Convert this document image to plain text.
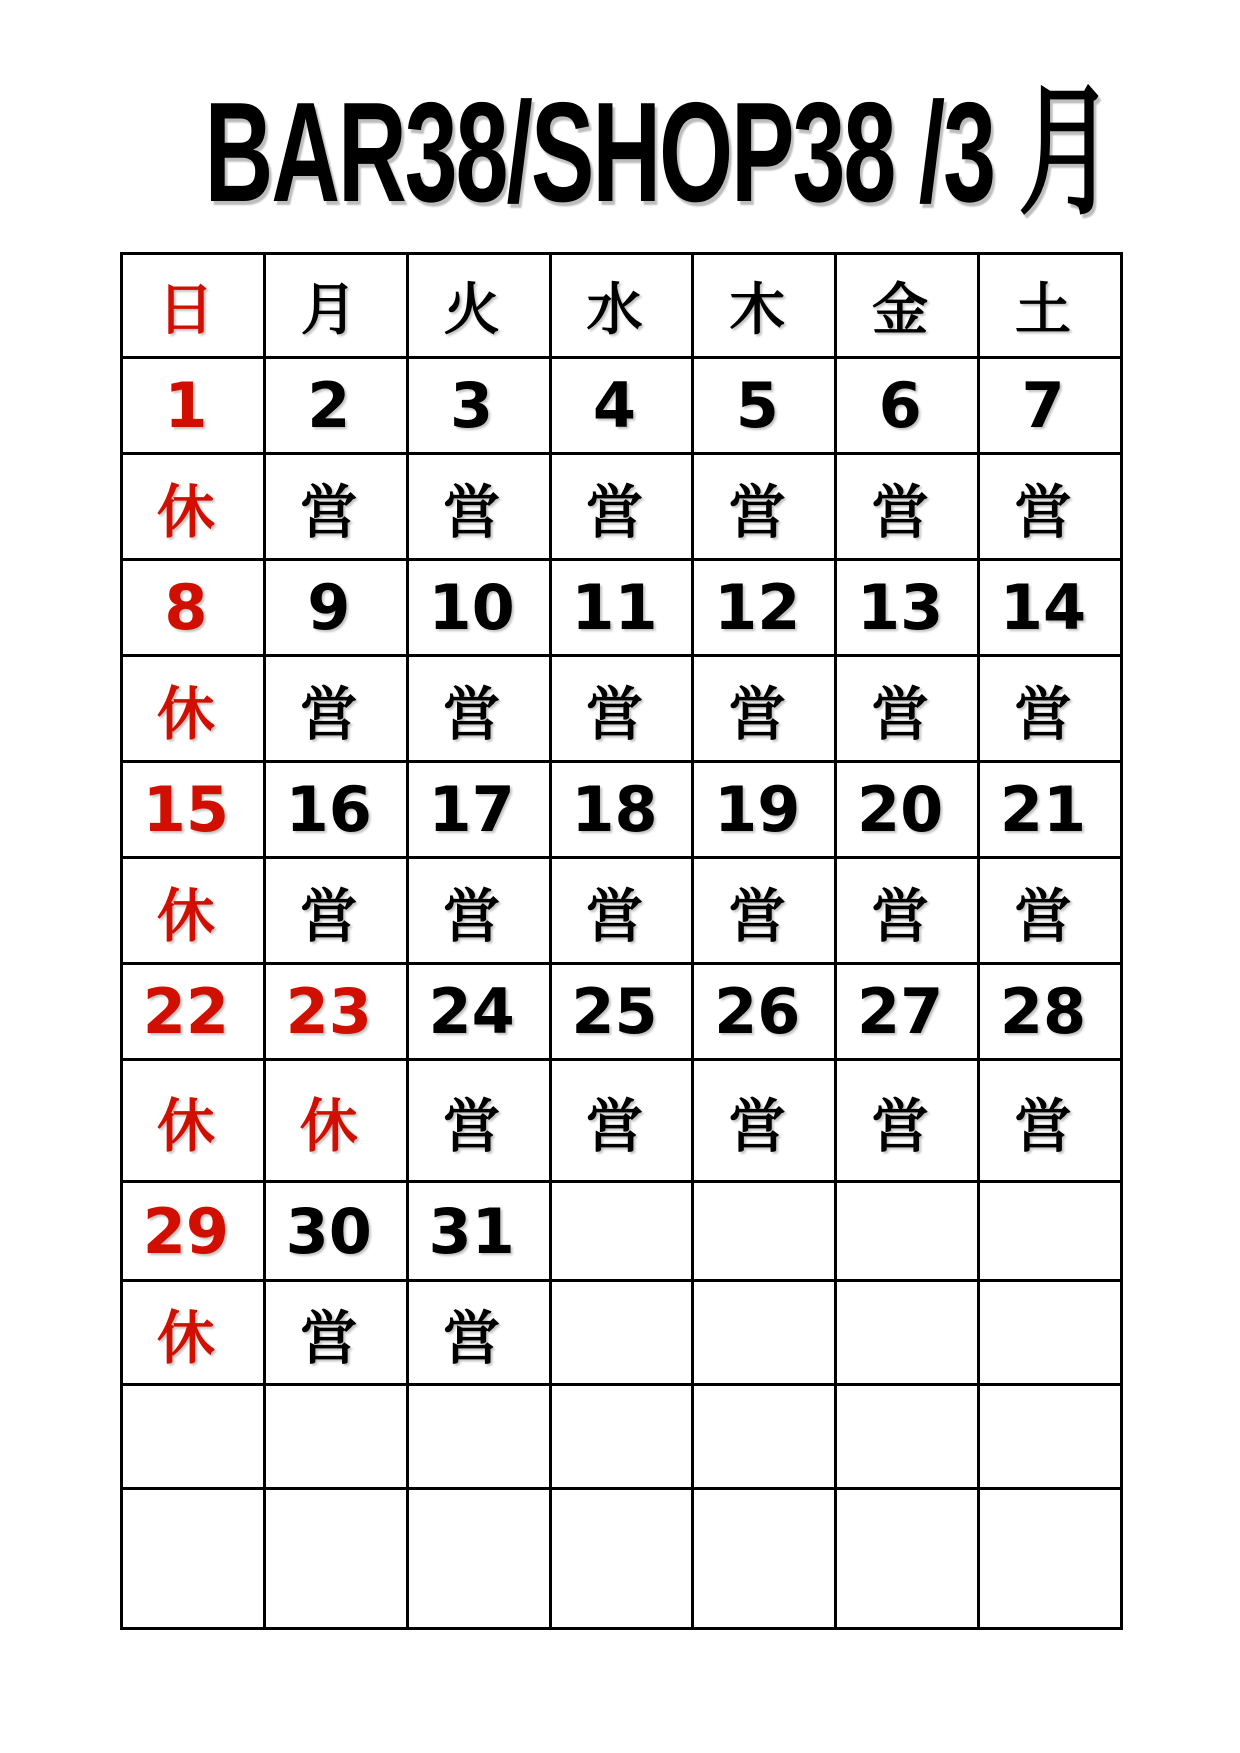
BAR38/SHOP38 /3 月
日	月	火	水	木	金	土
1	2	3	4	5	6	7
休	営	営	営	営	営	営
8	9	10	11	12	13	14
休	営	営	営	営	営	営
15	16	17	18	19	20	21
休	営	営	営	営	営	営
22	23	24	25	26	27	28
休	休	営	営	営	営	営
29	30	31				
休	営	営				
